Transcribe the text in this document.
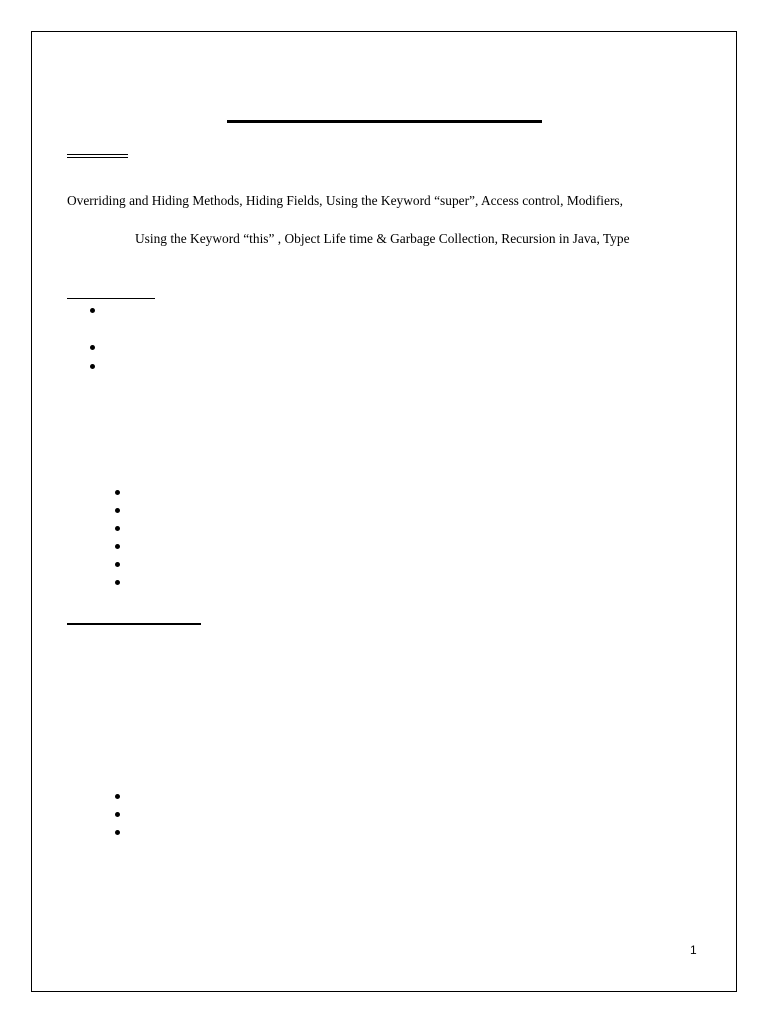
Overriding and Hiding Methods, Hiding Fields, Using the Keyword “super”, Access control, Modifiers,
Using the Keyword “this” , Object Life time & Garbage Collection, Recursion in Java, Type
1
